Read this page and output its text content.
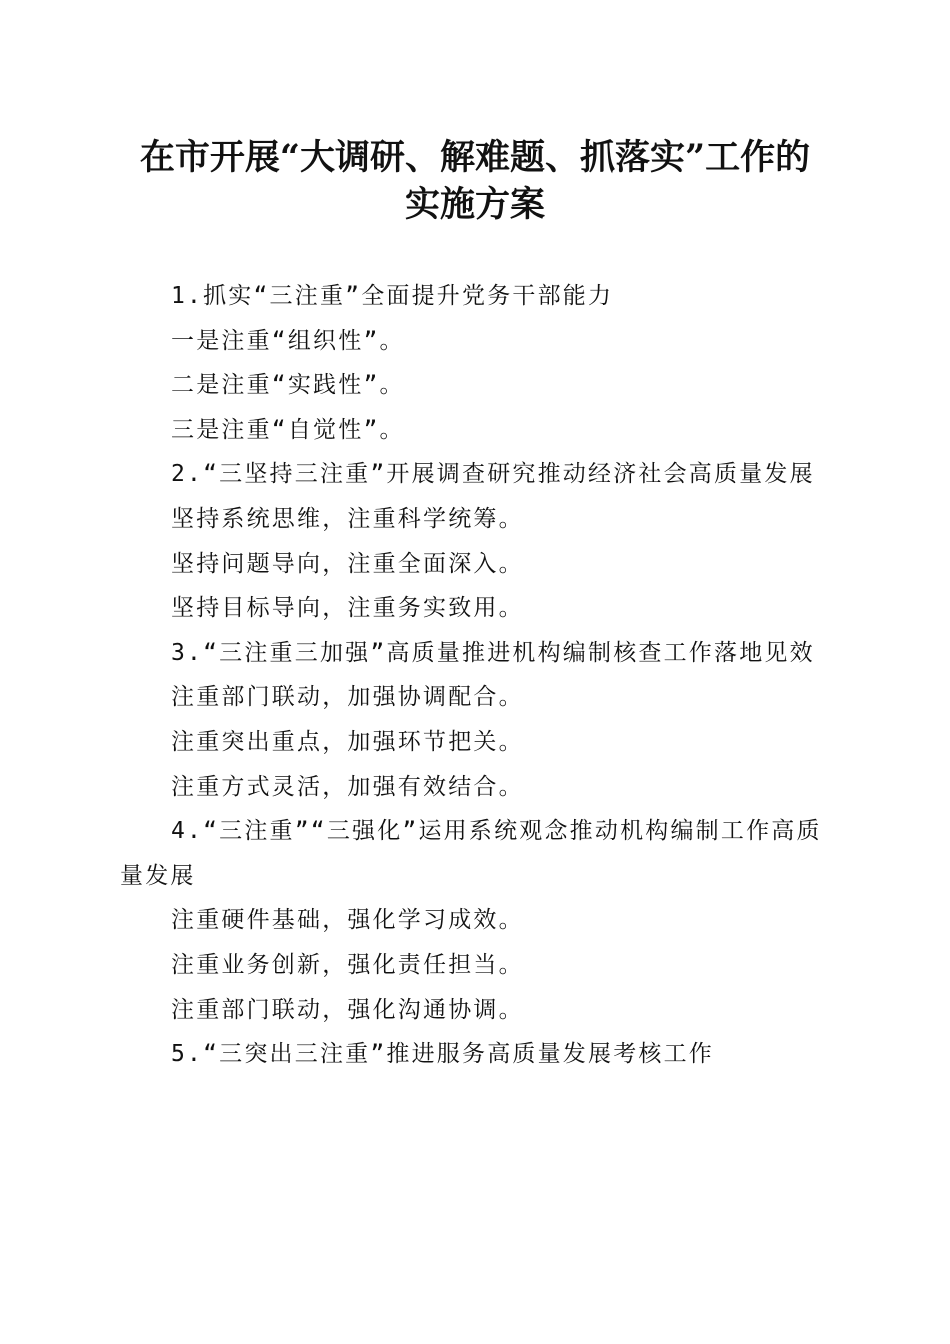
在市开展“大调研、解难题、抓落实”工作的
实施方案

1.抓实“三注重”全面提升党务干部能力

一是注重“组织性”。

二是注重“实践性”。

三是注重“自觉性”。

2.“三坚持三注重”开展调查研究推动经济社会高质量发展

坚持系统思维，注重科学统筹。

坚持问题导向，注重全面深入。

坚持目标导向，注重务实致用。

3.“三注重三加强”高质量推进机构编制核查工作落地见效

注重部门联动，加强协调配合。

注重突出重点，加强环节把关。

注重方式灵活，加强有效结合。

4.“三注重”“三强化”运用系统观念推动机构编制工作高质量发展

注重硬件基础，强化学习成效。

注重业务创新，强化责任担当。

注重部门联动，强化沟通协调。

5.“三突出三注重”推进服务高质量发展考核工作
